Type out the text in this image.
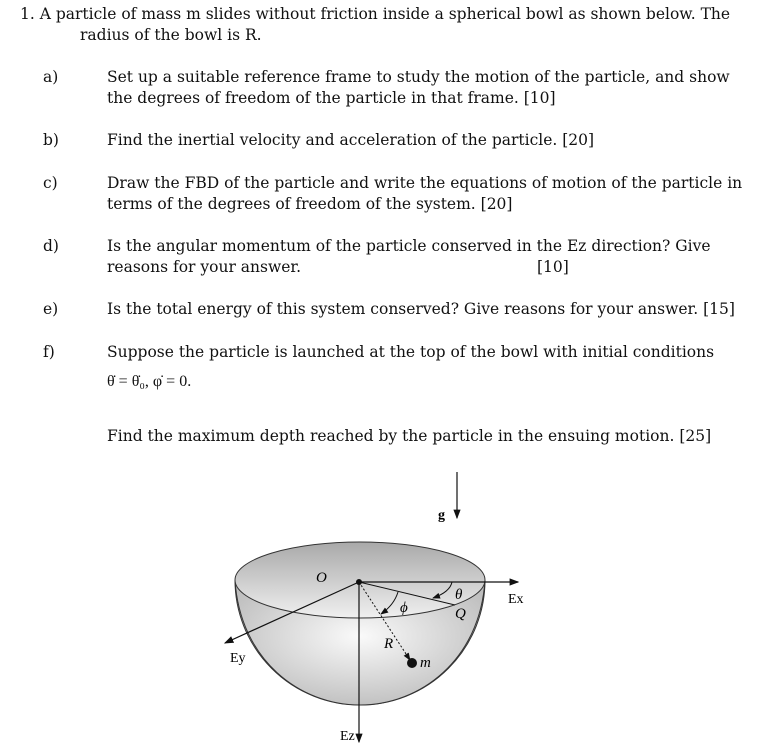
1. A particle of mass m slides without friction inside a spherical bowl as shown below. The
radius of the bowl is R.
a)	Set up a suitable reference frame to study the motion of the particle, and show
the degrees of freedom of the particle in that frame. [10]
b)	Find the inertial velocity and acceleration of the particle. [20]
c)	Draw the FBD of the particle and write the equations of motion of the particle in
terms of the degrees of freedom of the system. [20]
d)	Is the angular momentum of the particle conserved in the Ez direction? Give
reasons for your answer.	[10]
e)	Is the total energy of this system conserved? Give reasons for your answer. [15]
f)	Suppose the particle is launched at the top of the bowl with initial conditions
θ̇ = θ̇₀, φ̇ = 0.
Find the maximum depth reached by the particle in the ensuing motion. [25]
O
g
θ
ϕ	Q
R
m
Ex
Ey
Ez
